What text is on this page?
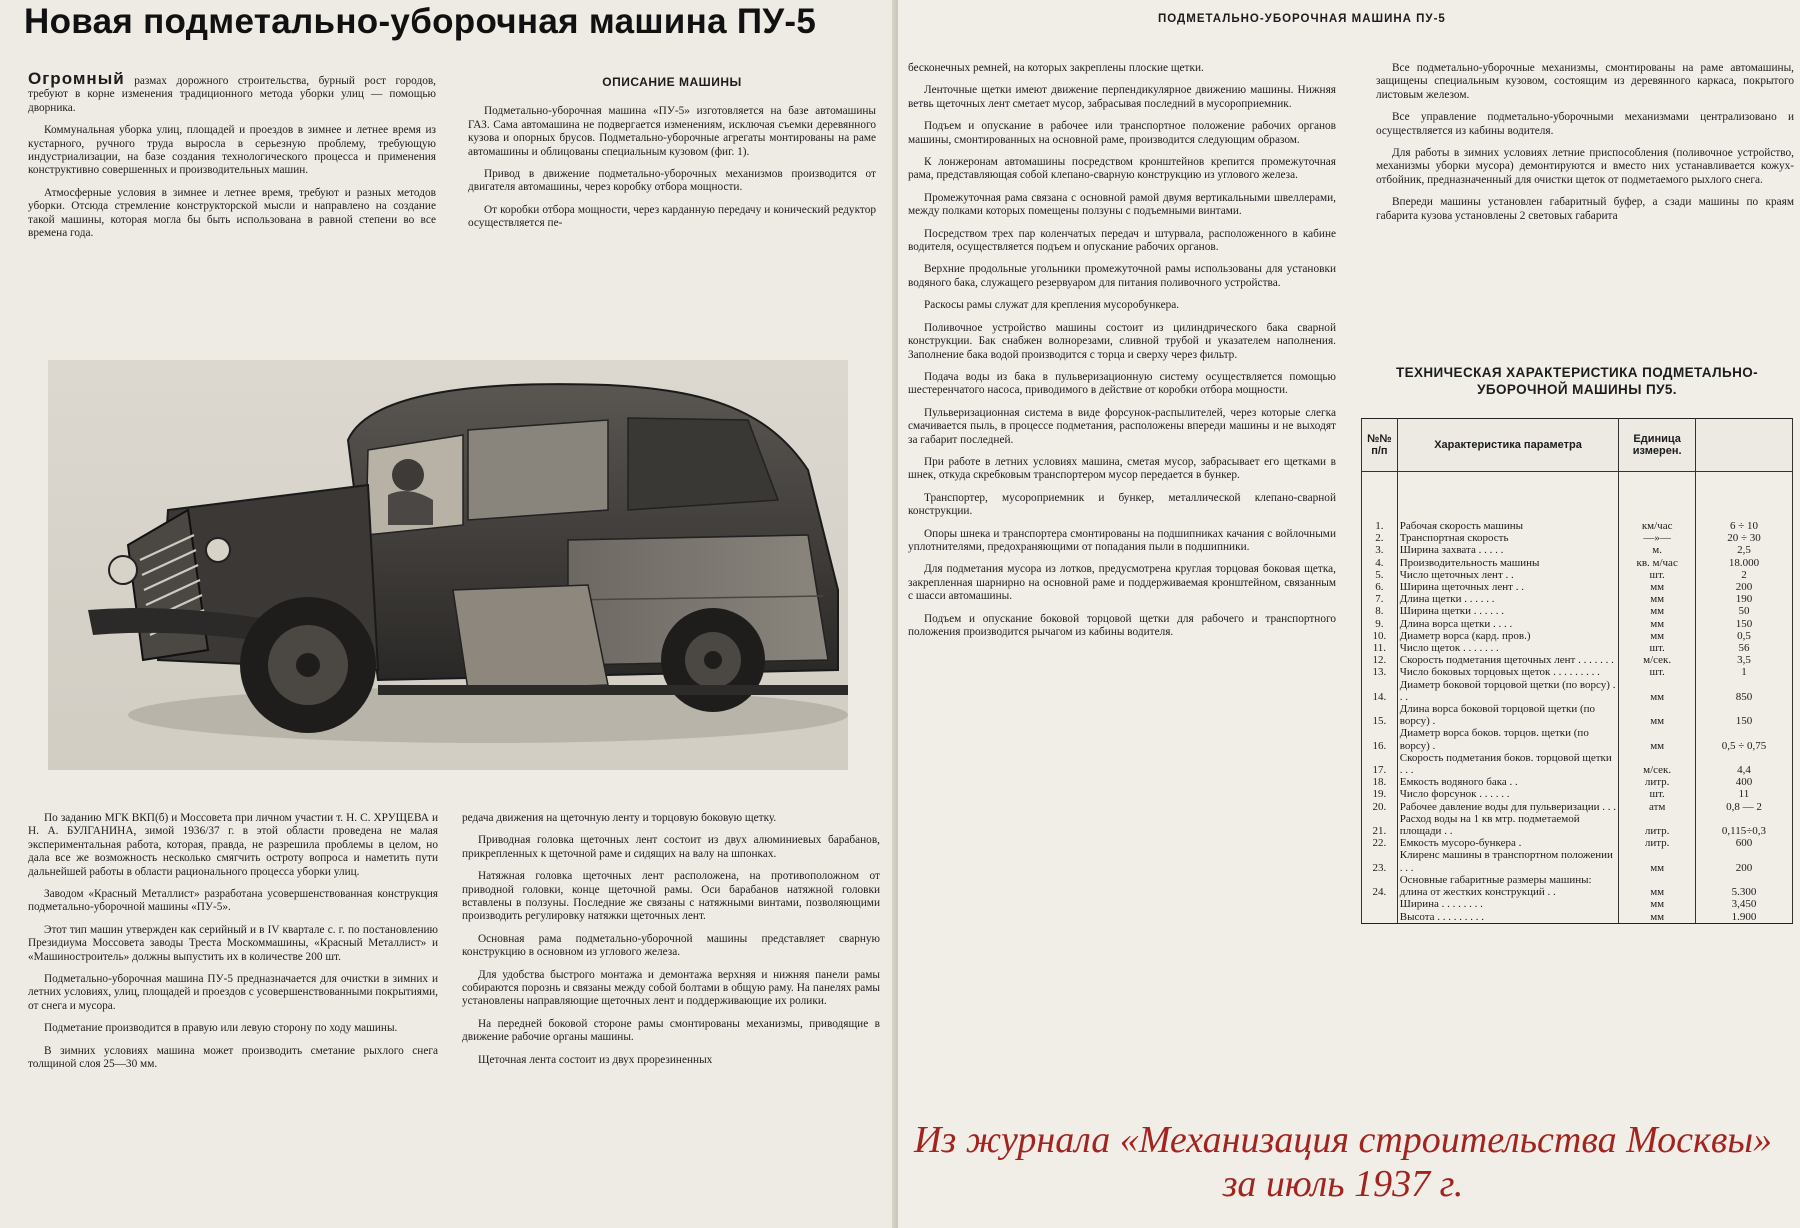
Новая подметально-уборочная машина ПУ-5

Огромный размах дорожного строительства, бурный рост городов, требуют в корне изменения традиционного метода уборки улиц — помощью дворника.

Коммунальная уборка улиц, площадей и проездов в зимнее и летнее время из кустарного, ручного труда выросла в серьезную проблему, требующую индустриализации, на базе создания технологического процесса и применения конструктивно совершенных и производительных машин.

Атмосферные условия в зимнее и летнее время, требуют и разных методов уборки. Отсюда стремление конструкторской мысли и направлено на создание такой машины, которая могла бы быть использована в равной степени во все времена года.

ОПИСАНИЕ МАШИНЫ

Подметально-уборочная машина «ПУ-5» изготовляется на базе автомашины ГАЗ. Сама автомашина не подвергается изменениям, исключая съемки деревянного кузова и опорных брусов. Подметально-уборочные агрегаты монтированы на раме автомашины и облицованы специальным кузовом (фиг. 1).

Привод в движение подметально-уборочных механизмов производится от двигателя автомашины, через коробку отбора мощности.

От коробки отбора мощности, через карданную передачу и конический редуктор осуществляется пе-

По заданию МГК ВКП(б) и Моссовета при личном участии т. Н. С. ХРУЩЕВА и Н. А. БУЛГАНИНА, зимой 1936/37 г. в этой области проведена не малая экспериментальная работа, которая, правда, не разрешила проблемы в целом, но дала все же возможность несколько смягчить остроту вопроса и наметить пути дальнейшей работы в области рационального процесса уборки улиц.

Заводом «Красный Металлист» разработана усовершенствованная конструкция подметально-уборочной машины «ПУ-5».

Этот тип машин утвержден как серийный и в IV квартале с. г. по постановлению Президиума Моссовета заводы Треста Москоммашины, «Красный Металлист» и «Машиностроитель» должны выпустить их в количестве 200 шт.

Подметально-уборочная машина ПУ-5 предназначается для очистки в зимних и летних условиях, улиц, площадей и проездов с усовершенствованными покрытиями, от снега и мусора.

Подметание производится в правую или левую сторону по ходу машины.

В зимних условиях машина может производить сметание рыхлого снега толщиной слоя 25—30 мм.

редача движения на щеточную ленту и торцовую боковую щетку.

Приводная головка щеточных лент состоит из двух алюминиевых барабанов, прикрепленных к щеточной раме и сидящих на валу на шпонках.

Натяжная головка щеточных лент расположена, на противоположном от приводной головки, конце щеточной рамы. Оси барабанов натяжной головки вставлены в ползуны. Последние же связаны с натяжными винтами, позволяющими производить регулировку натяжки щеточных лент.

Основная рама подметально-уборочной машины представляет сварную конструкцию в основном из углового железа.

Для удобства быстрого монтажа и демонтажа верхняя и нижняя панели рамы собираются порознь и связаны между собой болтами в общую раму. На панелях рамы установлены направляющие щеточных лент и поддерживающие их ролики.

На передней боковой стороне рамы смонтированы механизмы, приводящие в движение рабочие органы машины.

Щеточная лента состоит из двух прорезиненных

ПОДМЕТАЛЬНО-УБОРОЧНАЯ МАШИНА ПУ-5

бесконечных ремней, на которых закреплены плоские щетки.

Ленточные щетки имеют движение перпендикулярное движению машины. Нижняя ветвь щеточных лент сметает мусор, забрасывая последний в мусороприемник.

Подъем и опускание в рабочее или транспортное положение рабочих органов машины, смонтированных на основной раме, производится следующим образом.

К лонжеронам автомашины посредством кронштейнов крепится промежуточная рама, представляющая собой клепано-сварную конструкцию из углового железа.

Промежуточная рама связана с основной рамой двумя вертикальными швеллерами, между полками которых помещены ползуны с подъемными винтами.

Посредством трех пар коленчатых передач и штурвала, расположенного в кабине водителя, осуществляется подъем и опускание рабочих органов.

Верхние продольные угольники промежуточной рамы использованы для установки водяного бака, служащего резервуаром для питания поливочного устройства.

Раскосы рамы служат для крепления мусоробункера.

Поливочное устройство машины состоит из цилиндрического бака сварной конструкции. Бак снабжен волнорезами, сливной трубой и указателем наполнения. Заполнение бака водой производится с торца и сверху через фильтр.

Подача воды из бака в пульверизационную систему осуществляется помощью шестеренчатого насоса, приводимого в действие от коробки отбора мощности.

Пульверизационная система в виде форсунок-распылителей, через которые слегка смачивается пыль, в процессе подметания, расположены впереди машины и не выходят за габарит последней.

При работе в летних условиях машина, сметая мусор, забрасывает его щетками в шнек, откуда скребковым транспортером мусор передается в бункер.

Транспортер, мусороприемник и бункер, металлической клепано-сварной конструкции.

Опоры шнека и транспортера смонтированы на подшипниках качания с войлочными уплотнителями, предохраняющими от попадания пыли в подшипники.

Для подметания мусора из лотков, предусмотрена круглая торцовая боковая щетка, закрепленная шарнирно на основной раме и поддерживаемая кронштейном, связанным с шасси автомашины.

Подъем и опускание боковой торцовой щетки для рабочего и транспортного положения производится рычагом из кабины водителя.

Все подметально-уборочные механизмы, смонтированы на раме автомашины, защищены специальным кузовом, состоящим из деревянного каркаса, покрытого листовым железом.

Все управление подметально-уборочными механизмами централизовано и осуществляется из кабины водителя.

Для работы в зимних условиях летние приспособления (поливочное устройство, механизмы уборки мусора) демонтируются и вместо них устанавливается кожух-отбойник, предназначенный для очистки щеток от подметаемого рыхлого снега.

Впереди машины установлен габаритный буфер, а сзади машины по краям габарита кузова установлены 2 световых габарита

ТЕХНИЧЕСКАЯ ХАРАКТЕРИСТИКА ПОДМЕТАЛЬНО-УБОРОЧНОЙ МАШИНЫ ПУ5.
№№ п/п	Характеристика параметра	Единица измерен.	
1.	Рабочая скорость машины	км/час	6 ÷ 10
2.	Транспортная скорость	—»—	20 ÷ 30
3.	Ширина захвата . . . . .	м.	2,5
4.	Производительность машины	кв. м/час	18.000
5.	Число щеточных лент . .	шт.	2
6.	Ширина щеточных лент . .	мм	200
7.	Длина щетки . . . . . .	мм	190
8.	Ширина щетки . . . . . .	мм	50
9.	Длина ворса щетки . . . .	мм	150
10.	Диаметр ворса (кард. пров.)	мм	0,5
11.	Число щеток . . . . . . .	шт.	56
12.	Скорость подметания щеточных лент . . . . . . .	м/сек.	3,5
13.	Число боковых торцовых щеток . . . . . . . . .	шт.	1
14.	Диаметр боковой торцовой щетки (по ворсу) . . .	мм	850
15.	Длина ворса боковой торцовой щетки (по ворсу) .	мм	150
16.	Диаметр ворса боков. торцов. щетки (по ворсу) .	мм	0,5 ÷ 0,75
17.	Скорость подметания боков. торцовой щетки . . .	м/сек.	4,4
18.	Емкость водяного бака . .	литр.	400
19.	Число форсунок . . . . . .	шт.	11
20.	Рабочее давление воды для пульверизации . . .	атм	0,8 — 2
21.	Расход воды на 1 кв мтр. подметаемой площади . .	литр.	0,115÷0,3
22.	Емкость мусоро-бункера .	литр.	600
23.	Клиренс машины в транспортном положении . . .	мм	200
24.	Основные габаритные размеры машины: длина от жестких конструкций . .	мм	5.300
	Ширина . . . . . . . .	мм	3,450
	Высота . . . . . . . . .	мм	1.900
Из журнала «Механизация строительства Москвы»
за июль 1937 г.
